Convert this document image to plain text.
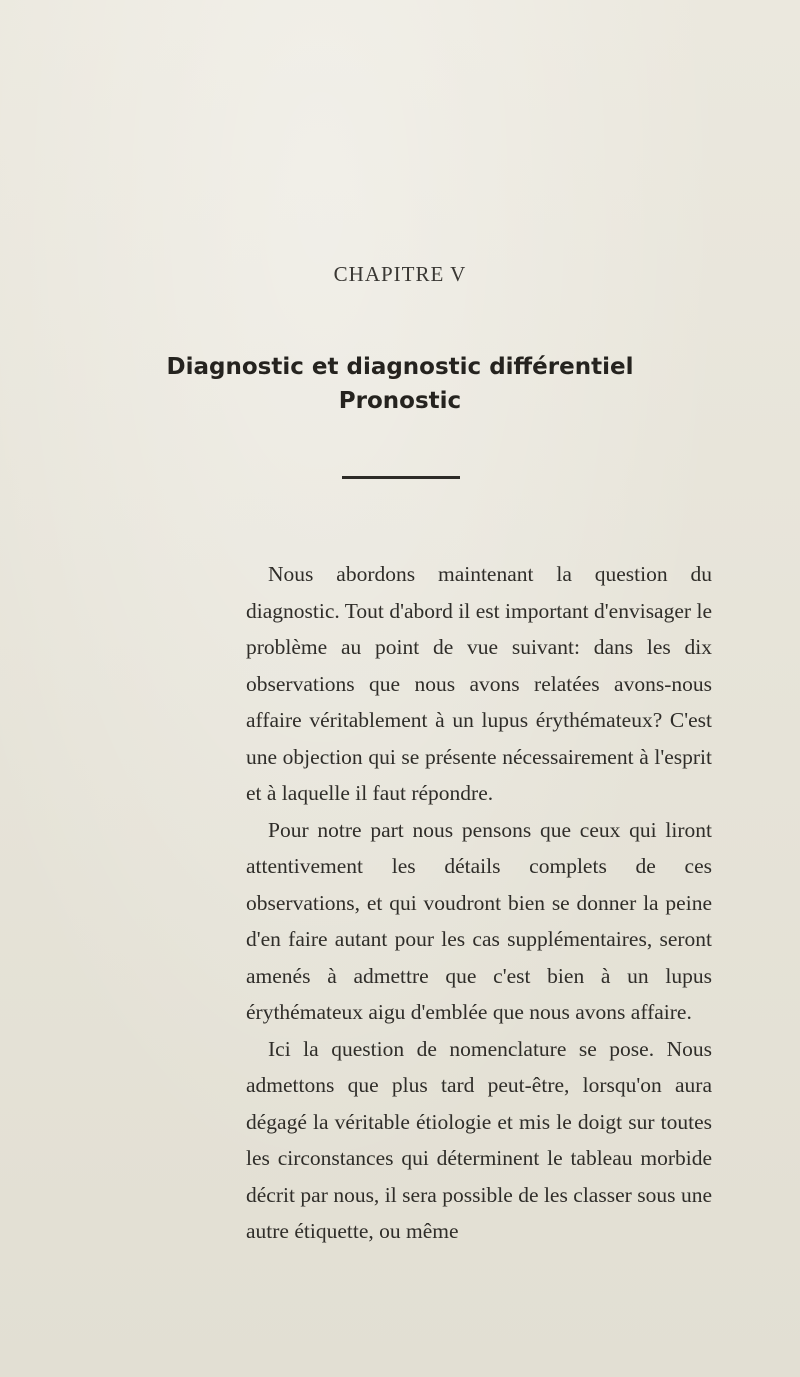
CHAPITRE V
Diagnostic et diagnostic différentiel
Pronostic

Nous abordons maintenant la question du diagnostic. Tout d'abord il est important d'envisager le problème au point de vue suivant: dans les dix observations que nous avons relatées avons-nous affaire véritablement à un lupus érythémateux? C'est une objection qui se présente nécessairement à l'esprit et à laquelle il faut répondre.

Pour notre part nous pensons que ceux qui liront attentivement les détails complets de ces observations, et qui voudront bien se donner la peine d'en faire autant pour les cas supplémentaires, seront amenés à admettre que c'est bien à un lupus érythémateux aigu d'emblée que nous avons affaire.

Ici la question de nomenclature se pose. Nous admettons que plus tard peut-être, lorsqu'on aura dégagé la véritable étiologie et mis le doigt sur toutes les circonstances qui déterminent le tableau morbide décrit par nous, il sera possible de les classer sous une autre étiquette, ou même
